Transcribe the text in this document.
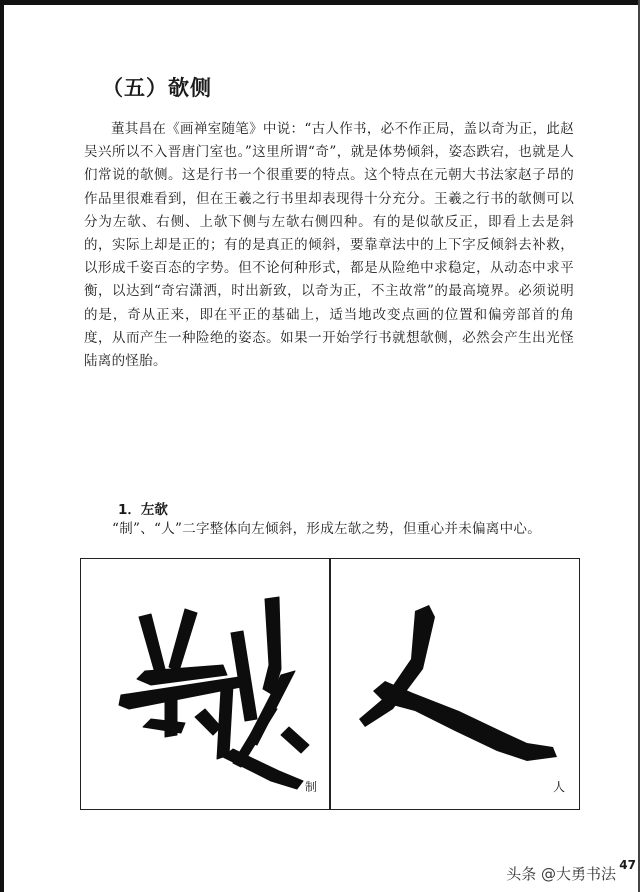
（五）欹侧

董其昌在《画禅室随笔》中说：“古人作书，必不作正局，盖以奇为正，此赵吴兴所以不入晋唐门室也。”这里所谓“奇”，就是体势倾斜，姿态跌宕，也就是人们常说的欹侧。这是行书一个很重要的特点。这个特点在元朝大书法家赵子昂的作品里很难看到，但在王羲之行书里却表现得十分充分。王羲之行书的欹侧可以分为左欹、右侧、上欹下侧与左欹右侧四种。有的是似欹反正，即看上去是斜的，实际上却是正的；有的是真正的倾斜，要靠章法中的上下字反倾斜去补救，以形成千姿百态的字势。但不论何种形式，都是从险绝中求稳定，从动态中求平衡，以达到“奇宕潇洒，时出新致，以奇为正，不主故常”的最高境界。必须说明的是，奇从正来，即在平正的基础上，适当地改变点画的位置和偏旁部首的角度，从而产生一种险绝的姿态。如果一开始学行书就想欹侧，必然会产生出光怪陆离的怪胎。

1．左欹

“制”、“人”二字整体向左倾斜，形成左欹之势，但重心并未偏离中心。

制	人
头条 @大勇书法 47
